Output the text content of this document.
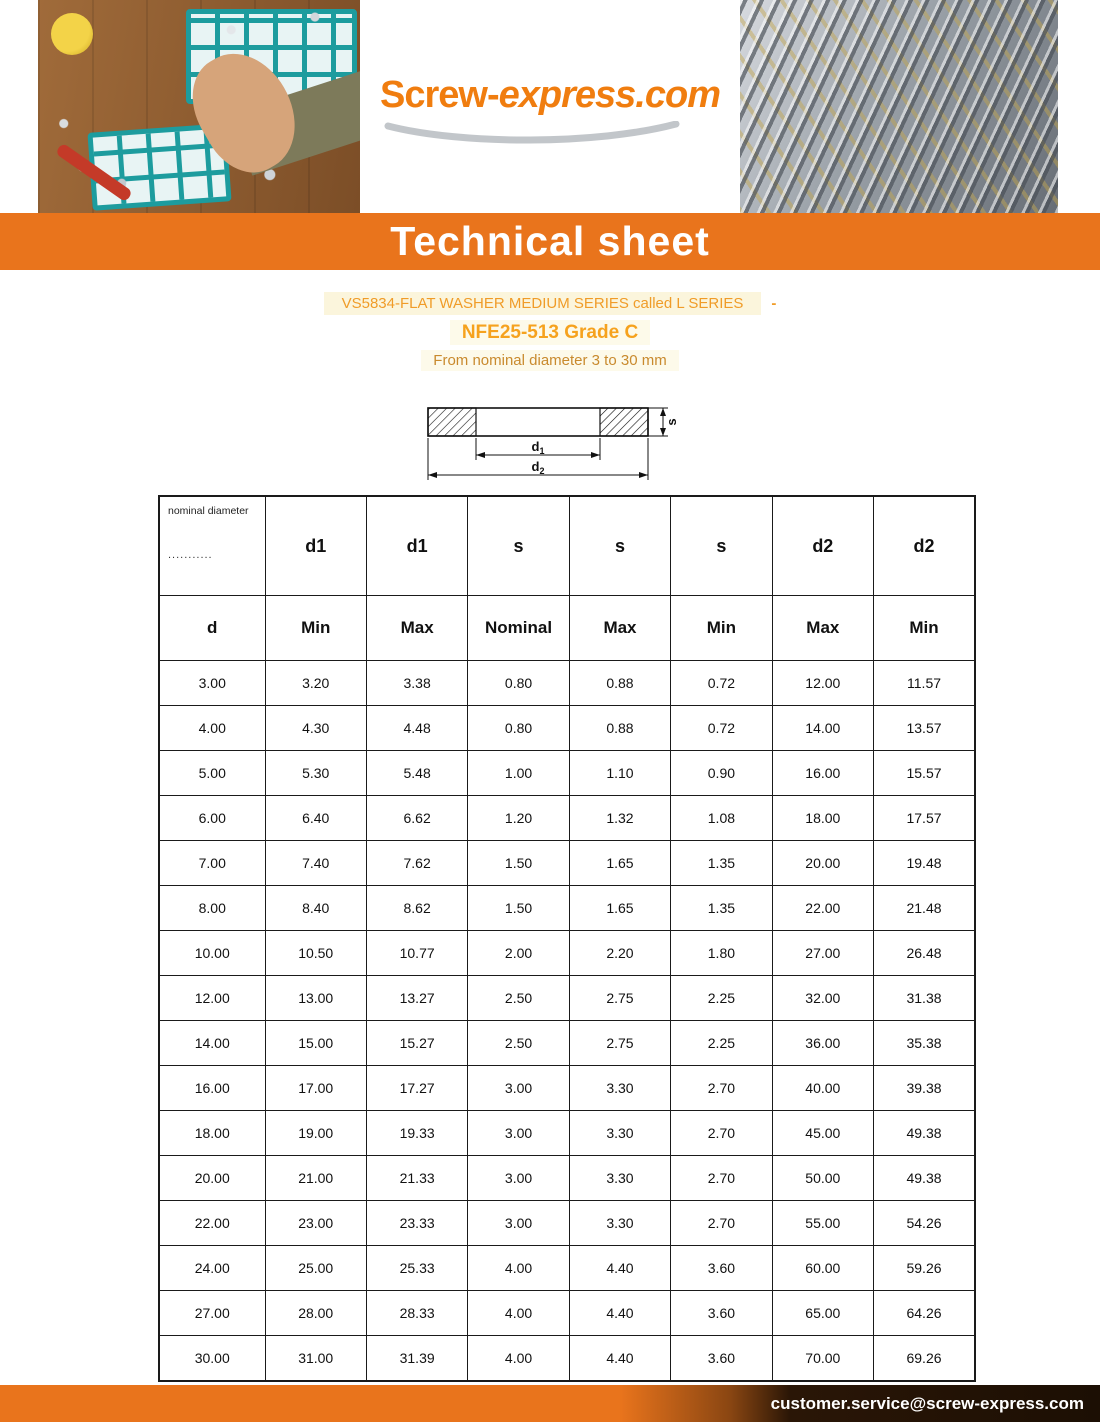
Screw-express.com
Technical sheet
VS5834-FLAT WASHER MEDIUM SERIES called L SERIES -
NFE25-513 Grade C
From nominal diameter 3 to 30 mm
$d_1$
$d_2$
s
nominal diameter
...........	d1	d1	s	s	s	d2	d2
d	Min	Max	Nominal	Max	Min	Max	Min
3.00	3.20	3.38	0.80	0.88	0.72	12.00	11.57
4.00	4.30	4.48	0.80	0.88	0.72	14.00	13.57
5.00	5.30	5.48	1.00	1.10	0.90	16.00	15.57
6.00	6.40	6.62	1.20	1.32	1.08	18.00	17.57
7.00	7.40	7.62	1.50	1.65	1.35	20.00	19.48
8.00	8.40	8.62	1.50	1.65	1.35	22.00	21.48
10.00	10.50	10.77	2.00	2.20	1.80	27.00	26.48
12.00	13.00	13.27	2.50	2.75	2.25	32.00	31.38
14.00	15.00	15.27	2.50	2.75	2.25	36.00	35.38
16.00	17.00	17.27	3.00	3.30	2.70	40.00	39.38
18.00	19.00	19.33	3.00	3.30	2.70	45.00	49.38
20.00	21.00	21.33	3.00	3.30	2.70	50.00	49.38
22.00	23.00	23.33	3.00	3.30	2.70	55.00	54.26
24.00	25.00	25.33	4.00	4.40	3.60	60.00	59.26
27.00	28.00	28.33	4.00	4.40	3.60	65.00	64.26
30.00	31.00	31.39	4.00	4.40	3.60	70.00	69.26
customer.service@screw-express.com
